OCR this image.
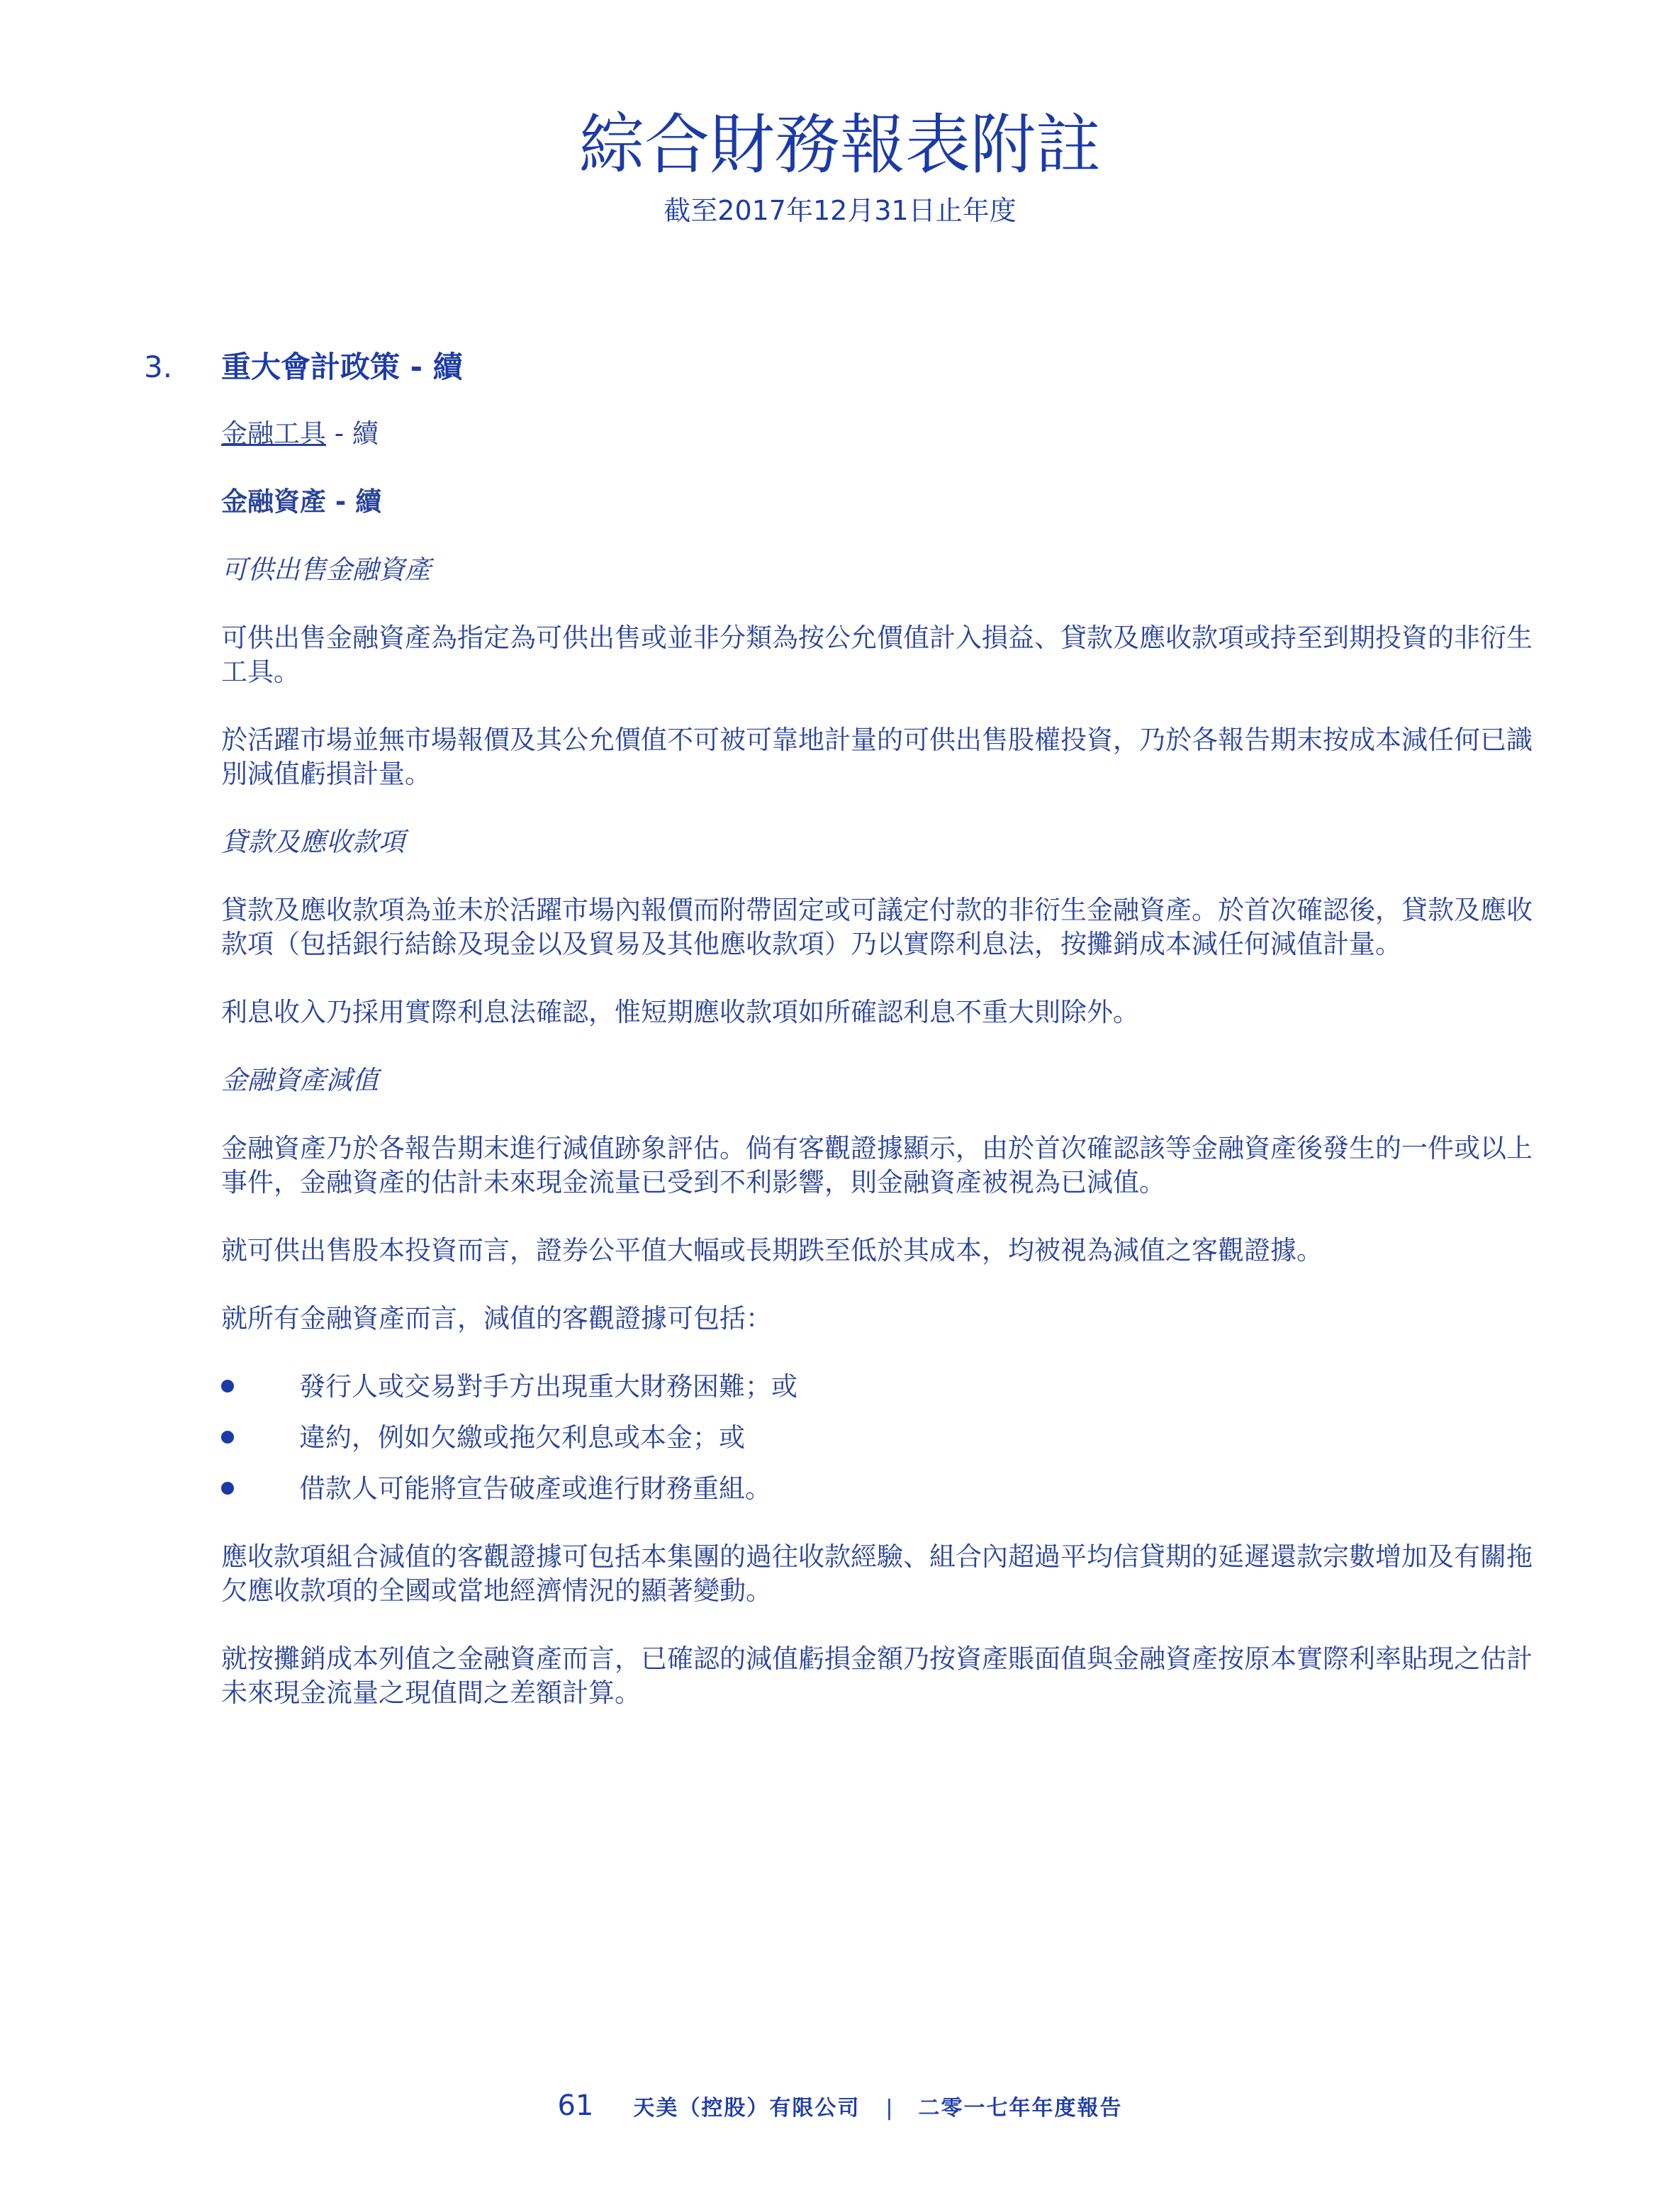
綜合財務報表附註
截至2017年12月31日止年度
3. 重大會計政策 - 續

金融工具 - 續

金融資產 - 續

可供出售金融資產

可供出售金融資產為指定為可供出售或並非分類為按公允價值計入損益、貸款及應收款項或持至到期投資的非衍生工具。

於活躍市場並無市場報價及其公允價值不可被可靠地計量的可供出售股權投資，乃於各報告期末按成本減任何已識別減值虧損計量。

貸款及應收款項

貸款及應收款項為並未於活躍市場內報價而附帶固定或可議定付款的非衍生金融資產。於首次確認後，貸款及應收款項（包括銀行結餘及現金以及貿易及其他應收款項）乃以實際利息法，按攤銷成本減任何減值計量。

利息收入乃採用實際利息法確認，惟短期應收款項如所確認利息不重大則除外。

金融資產減值

金融資產乃於各報告期末進行減值跡象評估。倘有客觀證據顯示，由於首次確認該等金融資產後發生的一件或以上事件，金融資產的估計未來現金流量已受到不利影響，則金融資產被視為已減值。

就可供出售股本投資而言，證券公平值大幅或長期跌至低於其成本，均被視為減值之客觀證據。

就所有金融資產而言，減值的客觀證據可包括：

發行人或交易對手方出現重大財務困難；或
違約，例如欠繳或拖欠利息或本金；或
借款人可能將宣告破產或進行財務重組。

應收款項組合減值的客觀證據可包括本集團的過往收款經驗、組合內超過平均信貸期的延遲還款宗數增加及有關拖欠應收款項的全國或當地經濟情況的顯著變動。

就按攤銷成本列值之金融資產而言，已確認的減值虧損金額乃按資產賬面值與金融資產按原本實際利率貼現之估計未來現金流量之現值間之差額計算。

61 天美（控股）有限公司 | 二零一七年年度報告
